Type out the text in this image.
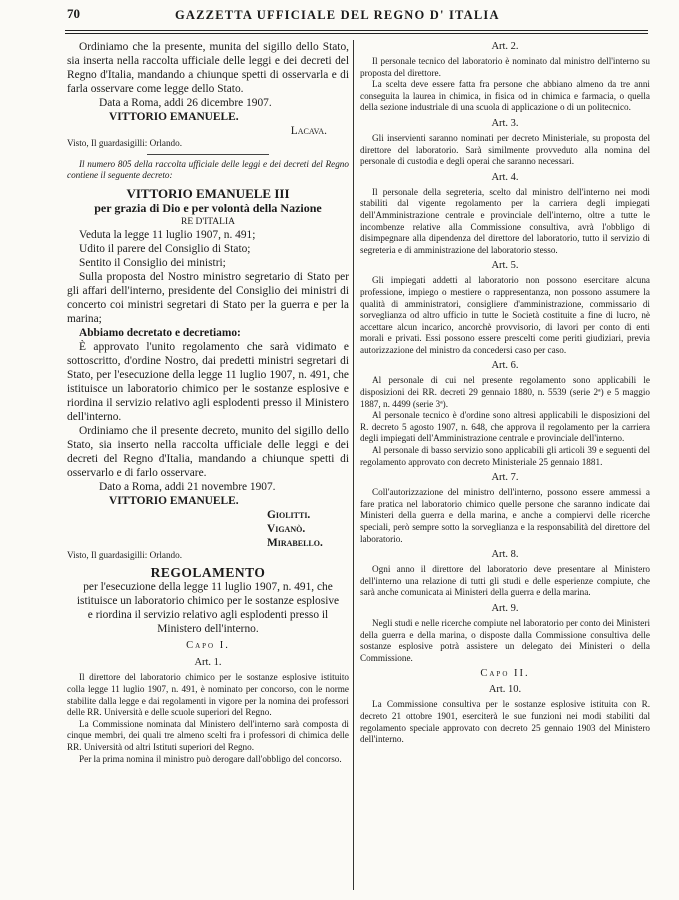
70	GAZZETTA UFFICIALE DEL REGNO D' ITALIA

Ordiniamo che la presente, munita del sigillo dello Stato, sia inserta nella raccolta ufficiale delle leggi e dei decreti del Regno d'Italia, mandando a chiunque spetti di osservarla e di farla osservare come legge dello Stato.

Data a Roma, addi 26 dicembre 1907.

VITTORIO EMANUELE.

Lacava.

Visto, Il guardasigilli: Orlando.

Il numero 805 della raccolta ufficiale delle leggi e dei decreti del Regno contiene il seguente decreto:

VITTORIO EMANUELE III

per grazia di Dio e per volontà della Nazione

RE D'ITALIA

Veduta la legge 11 luglio 1907, n. 491;

Udito il parere del Consiglio di Stato;

Sentito il Consiglio dei ministri;

Sulla proposta del Nostro ministro segretario di Stato per gli affari dell'interno, presidente del Consiglio dei ministri di concerto coi ministri segretari di Stato per la guerra e per la marina;

Abbiamo decretato e decretiamo:

È approvato l'unito regolamento che sarà vidimato e sottoscritto, d'ordine Nostro, dai predetti ministri segretari di Stato, per l'esecuzione della legge 11 luglio 1907, n. 491, che istituisce un laboratorio chimico per le sostanze esplosive e riordina il servizio relativo agli esplodenti presso il Ministero dell'interno.

Ordiniamo che il presente decreto, munito del sigillo dello Stato, sia inserto nella raccolta ufficiale delle leggi e dei decreti del Regno d'Italia, mandando a chiunque spetti di osservarlo e di farlo osservare.

Dato a Roma, addi 21 novembre 1907.

VITTORIO EMANUELE.

Giolitti.

Viganò.

Mirabello.

Visto, Il guardasigilli: Orlando.

REGOLAMENTO

per l'esecuzione della legge 11 luglio 1907, n. 491, che istituisce un laboratorio chimico per le sostanze esplosive e riordina il servizio relativo agli esplodenti presso il Ministero dell'interno.

Capo I.

Art. 1.

Il direttore del laboratorio chimico per le sostanze esplosive istituito colla legge 11 luglio 1907, n. 491, è nominato per concorso, con le norme stabilite dalla legge e dai regolamenti in vigore per la nomina dei professori delle RR. Università e delle scuole superiori del Regno.

La Commissione nominata dal Ministero dell'interno sarà composta di cinque membri, dei quali tre almeno scelti fra i professori di chimica delle RR. Università od altri Istituti superiori del Regno.

Per la prima nomina il ministro può derogare dall'obbligo del concorso.

Art. 2.

Il personale tecnico del laboratorio è nominato dal ministro dell'interno su proposta del direttore.

La scelta deve essere fatta fra persone che abbiano almeno da tre anni conseguita la laurea in chimica, in fisica od in chimica e farmacia, o quella della sezione industriale di una scuola di applicazione o di un politecnico.

Art. 3.

Gli inservienti saranno nominati per decreto Ministeriale, su proposta del direttore del laboratorio. Sarà similmente provveduto alla nomina del personale di custodia e degli operai che saranno necessari.

Art. 4.

Il personale della segreteria, scelto dal ministro dell'interno nei modi stabiliti dal vigente regolamento per la carriera degli impiegati dell'Amministrazione centrale e provinciale dell'interno, oltre a tutte le incombenze relative alla Commissione consultiva, avrà l'obbligo di disimpegnare alla dipendenza del direttore del laboratorio, tutto il servizio di segreteria e di amministrazione del laboratorio stesso.

Art. 5.

Gli impiegati addetti al laboratorio non possono esercitare alcuna professione, impiego o mestiere o rappresentanza, non possono assumere la qualità di amministratori, consigliere d'amministrazione, commissario di sorveglianza od altro ufficio in tutte le Società costituite a fine di lucro, nè accettare alcun incarico, ancorchè provvisorio, di lavori per conto di enti morali e privati. Essi possono essere prescelti come periti giudiziari, previa autorizzazione del ministro da concedersi caso per caso.

Art. 6.

Al personale di cui nel presente regolamento sono applicabili le disposizioni dei RR. decreti 29 gennaio 1880, n. 5539 (serie 2ª) e 5 maggio 1887, n. 4499 (serie 3ª).

Al personale tecnico è d'ordine sono altresì applicabili le disposizioni del R. decreto 5 agosto 1907, n. 648, che approva il regolamento per la carriera degli impiegati dell'Amministrazione centrale e provinciale dell'interno.

Al personale di basso servizio sono applicabili gli articoli 39 e seguenti del regolamento approvato con decreto Ministeriale 25 gennaio 1881.

Art. 7.

Coll'autorizzazione del ministro dell'interno, possono essere ammessi a fare pratica nel laboratorio chimico quelle persone che saranno indicate dai Ministeri della guerra e della marina, e anche a compiervi delle ricerche speciali, però sempre sotto la sorveglianza e la responsabilità del direttore del laboratorio.

Art. 8.

Ogni anno il direttore del laboratorio deve presentare al Ministero dell'interno una relazione di tutti gli studi e delle esperienze compiute, che sarà anche comunicata ai Ministeri della guerra e della marina.

Art. 9.

Negli studi e nelle ricerche compiute nel laboratorio per conto dei Ministeri della guerra e della marina, o disposte dalla Commissione consultiva delle sostanze esplosive potrà assistere un delegato dei Ministeri o della Commissione.

Capo II.

Art. 10.

La Commissione consultiva per le sostanze esplosive istituita con R. decreto 21 ottobre 1901, eserciterà le sue funzioni nei modi stabiliti dal regolamento speciale approvato con decreto 25 gennaio 1903 del Ministero dell'interno.
